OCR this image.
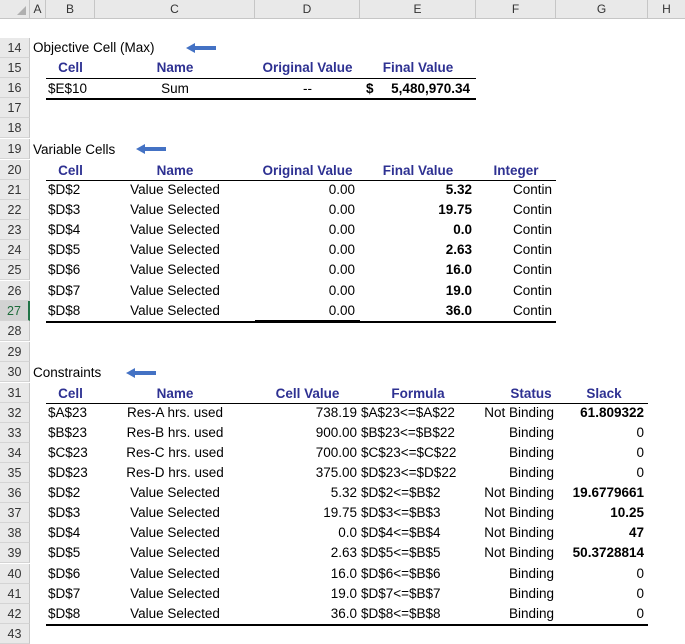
A	B	C	D	E	F	G	H
14
15
16
17
18
19
20
21
22
23
24
25
26
27
28
29
30
31
32
33
34
35
36
37
38
39
40
41
42
43
Objective Cell (Max)
Cell	Name	Original Value	Final Value
$E$10	Sum	--	$	5,480,970.34
Variable Cells
Cell	Name	Original Value	Final Value	Integer
$D$2	Value Selected	0.00	5.32	Contin
$D$3	Value Selected	0.00	19.75	Contin
$D$4	Value Selected	0.00	0.0	Contin
$D$5	Value Selected	0.00	2.63	Contin
$D$6	Value Selected	0.00	16.0	Contin
$D$7	Value Selected	0.00	19.0	Contin
$D$8	Value Selected	0.00	36.0	Contin
Constraints
Cell	Name	Cell Value	Formula	Status	Slack
$A$23	Res-A hrs. used	738.19 $A$23<=$A$22	Not Binding	61.809322
$B$23	Res-B hrs. used	900.00 $B$23<=$B$22	Binding	0
$C$23	Res-C hrs. used	700.00 $C$23<=$C$22	Binding	0
$D$23	Res-D hrs. used	375.00 $D$23<=$D$22	Binding	0
$D$2	Value Selected	5.32 $D$2<=$B$2	Not Binding	19.6779661
$D$3	Value Selected	19.75 $D$3<=$B$3	Not Binding	10.25
$D$4	Value Selected	0.0 $D$4<=$B$4	Not Binding	47
$D$5	Value Selected	2.63 $D$5<=$B$5	Not Binding	50.3728814
$D$6	Value Selected	16.0 $D$6<=$B$6	Binding	0
$D$7	Value Selected	19.0 $D$7<=$B$7	Binding	0
$D$8	Value Selected	36.0 $D$8<=$B$8	Binding	0
